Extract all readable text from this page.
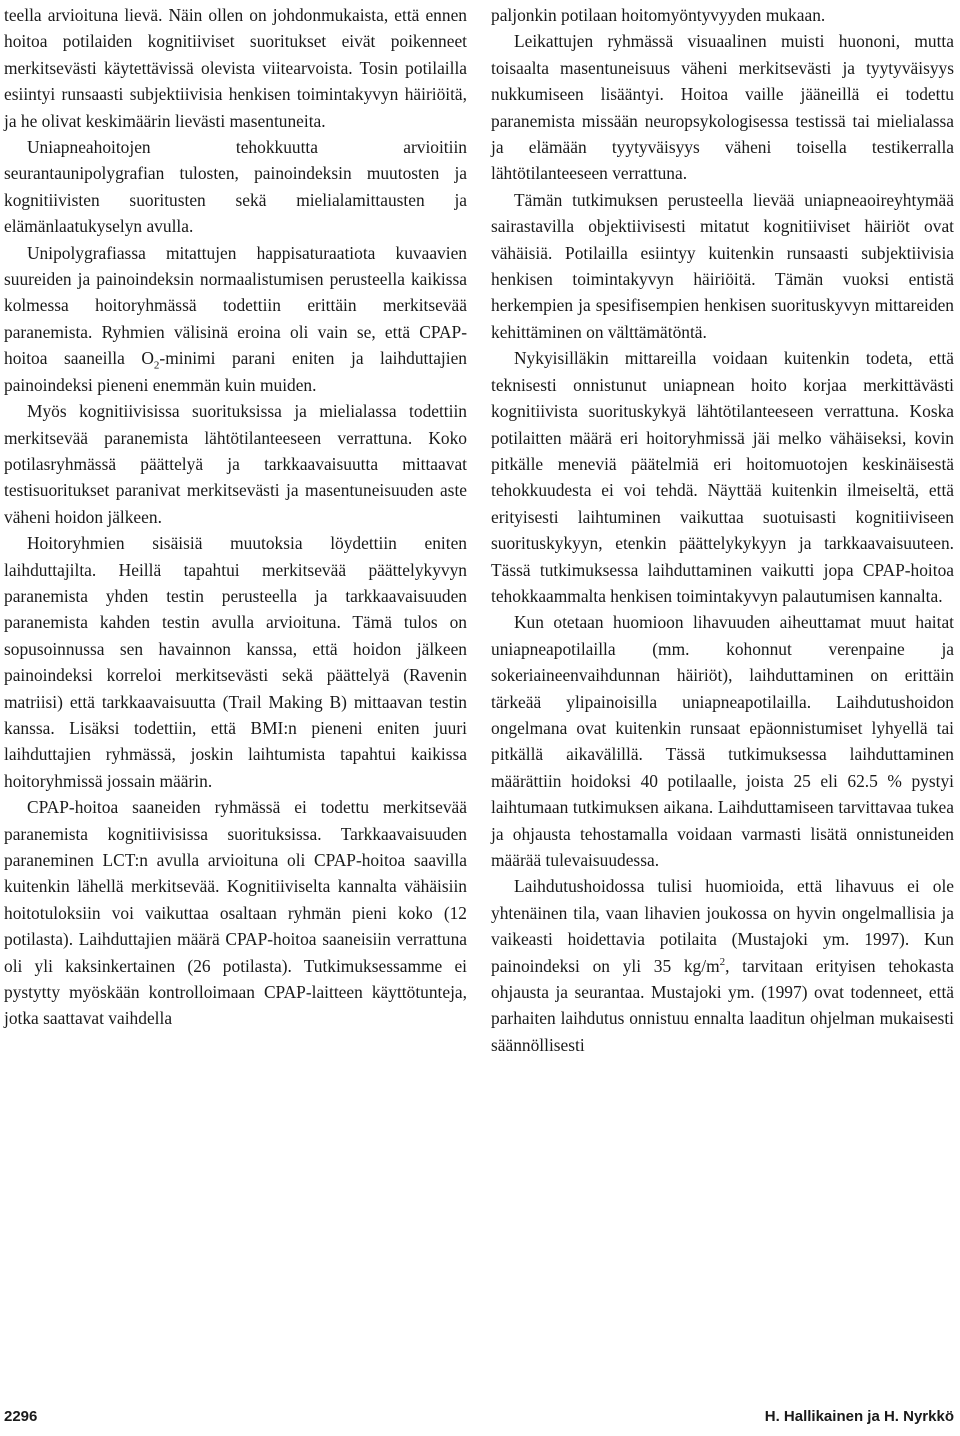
teella arvioituna lievä. Näin ollen on johdonmukaista, että ennen hoitoa potilaiden kognitiiviset suoritukset eivät poikenneet merkitsevästi käytettävissä olevista viitearvoista. Tosin potilailla esiintyi runsaasti subjektiivisia henkisen toimintakyvyn häiriöitä, ja he olivat keskimäärin lievästi masentuneita.

Uniapneahoitojen tehokkuutta arvioitiin seurantaunipolygrafian tulosten, painoindeksin muutosten ja kognitiivisten suoritusten sekä mielialamittausten ja elämänlaatukyselyn avulla.

Unipolygrafiassa mitattujen happisaturaatiota kuvaavien suureiden ja painoindeksin normaalistumisen perusteella kaikissa kolmessa hoitoryhmässä todettiin erittäin merkitsevää paranemista. Ryhmien välisinä eroina oli vain se, että CPAP-hoitoa saaneilla $O_2$-minimi parani eniten ja laihduttajien painoindeksi pieneni enemmän kuin muiden.

Myös kognitiivisissa suorituksissa ja mielialassa todettiin merkitsevää paranemista lähtötilanteeseen verrattuna. Koko potilasryhmässä päättelyä ja tarkkaavaisuutta mittaavat testisuoritukset paranivat merkitsevästi ja masentuneisuuden aste väheni hoidon jälkeen.

Hoitoryhmien sisäisiä muutoksia löydettiin eniten laihduttajilta. Heillä tapahtui merkitsevää päättelykyvyn paranemista yhden testin perusteella ja tarkkaavaisuuden paranemista kahden testin avulla arvioituna. Tämä tulos on sopusoinnussa sen havainnon kanssa, että hoidon jälkeen painoindeksi korreloi merkitsevästi sekä päättelyä (Ravenin matriisi) että tarkkaavaisuutta (Trail Making B) mittaavan testin kanssa. Lisäksi todettiin, että BMI:n pieneni eniten juuri laihduttajien ryhmässä, joskin laihtumista tapahtui kaikissa hoitoryhmissä jossain määrin.

CPAP-hoitoa saaneiden ryhmässä ei todettu merkitsevää paranemista kognitiivisissa suorituksissa. Tarkkaavaisuuden paraneminen LCT:n avulla arvioituna oli CPAP-hoitoa saavilla kuitenkin lähellä merkitsevää. Kognitiiviselta kannalta vähäisiin hoitotuloksiin voi vaikuttaa osaltaan ryhmän pieni koko (12 potilasta). Laihduttajien määrä CPAP-hoitoa saaneisiin verrattuna oli yli kaksinkertainen (26 potilasta). Tutkimuksessamme ei pystytty myöskään kontrolloimaan CPAP-laitteen käyttötunteja, jotka saattavat vaihdella

paljonkin potilaan hoitomyöntyvyyden mukaan.

Leikattujen ryhmässä visuaalinen muisti huononi, mutta toisaalta masentuneisuus väheni merkitsevästi ja tyytyväisyys nukkumiseen lisääntyi. Hoitoa vaille jääneillä ei todettu paranemista missään neuropsykologisessa testissä tai mielialassa ja elämään tyytyväisyys väheni toisella testikerralla lähtötilanteeseen verrattuna.

Tämän tutkimuksen perusteella lievää uniapneaoireyhtymää sairastavilla objektiivisesti mitatut kognitiiviset häiriöt ovat vähäisiä. Potilailla esiintyy kuitenkin runsaasti subjektiivisia henkisen toimintakyvyn häiriöitä. Tämän vuoksi entistä herkempien ja spesifisempien henkisen suorituskyvyn mittareiden kehittäminen on välttämätöntä.

Nykyisilläkin mittareilla voidaan kuitenkin todeta, että teknisesti onnistunut uniapnean hoito korjaa merkittävästi kognitiivista suorituskykyä lähtötilanteeseen verrattuna. Koska potilaitten määrä eri hoitoryhmissä jäi melko vähäiseksi, kovin pitkälle meneviä päätelmiä eri hoitomuotojen keskinäisestä tehokkuudesta ei voi tehdä. Näyttää kuitenkin ilmeiseltä, että erityisesti laihtuminen vaikuttaa suotuisasti kognitiiviseen suorituskykyyn, etenkin päättelykykyyn ja tarkkaavaisuuteen. Tässä tutkimuksessa laihduttaminen vaikutti jopa CPAP-hoitoa tehokkaammalta henkisen toimintakyvyn palautumisen kannalta.

Kun otetaan huomioon lihavuuden aiheuttamat muut haitat uniapneapotilailla (mm. kohonnut verenpaine ja sokeriaineenvaihdunnan häiriöt), laihduttaminen on erittäin tärkeää ylipainoisilla uniapneapotilailla. Laihdutushoidon ongelmana ovat kuitenkin runsaat epäonnistumiset lyhyellä tai pitkällä aikavälillä. Tässä tutkimuksessa laihduttaminen määrättiin hoidoksi 40 potilaalle, joista 25 eli 62.5 % pystyi laihtumaan tutkimuksen aikana. Laihduttamiseen tarvittavaa tukea ja ohjausta tehostamalla voidaan varmasti lisätä onnistuneiden määrää tulevaisuudessa.

Laihdutushoidossa tulisi huomioida, että lihavuus ei ole yhtenäinen tila, vaan lihavien joukossa on hyvin ongelmallisia ja vaikeasti hoidettavia potilaita (Mustajoki ym. 1997). Kun painoindeksi on yli 35 $kg/m^2$, tarvitaan erityisen tehokasta ohjausta ja seurantaa. Mustajoki ym. (1997) ovat todenneet, että parhaiten laihdutus onnistuu ennalta laaditun ohjelman mukaisesti säännöllisesti

2296	H. Hallikainen ja H. Nyrkkö
